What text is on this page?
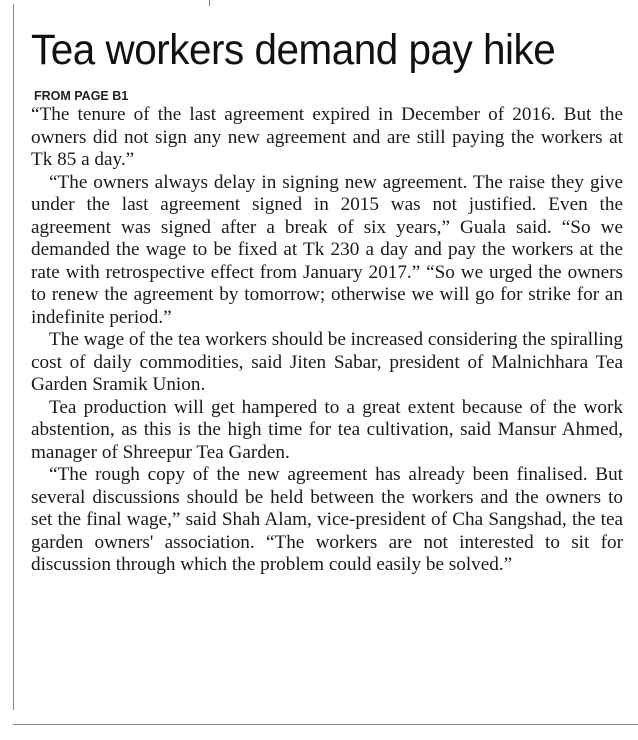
Tea workers demand pay hike
FROM PAGE B1

“The tenure of the last agreement expired in December of 2016. But the owners did not sign any new agreement and are still paying the workers at Tk 85 a day.”

“The owners always delay in signing new agreement. The raise they give under the last agreement signed in 2015 was not justified. Even the agreement was signed after a break of six years,” Guala said. “So we demanded the wage to be fixed at Tk 230 a day and pay the workers at the rate with retrospective effect from January 2017.” “So we urged the owners to renew the agreement by tomorrow; otherwise we will go for strike for an indefinite period.”

The wage of the tea workers should be increased considering the spiralling cost of daily commodities, said Jiten Sabar, president of Malnichhara Tea Garden Sramik Union.

Tea production will get hampered to a great extent because of the work abstention, as this is the high time for tea cultivation, said Mansur Ahmed, manager of Shreepur Tea Garden.

“The rough copy of the new agreement has already been finalised. But several discussions should be held between the workers and the owners to set the final wage,” said Shah Alam, vice-president of Cha Sangshad, the tea garden owners' association. “The workers are not interested to sit for discussion through which the problem could easily be solved.”
